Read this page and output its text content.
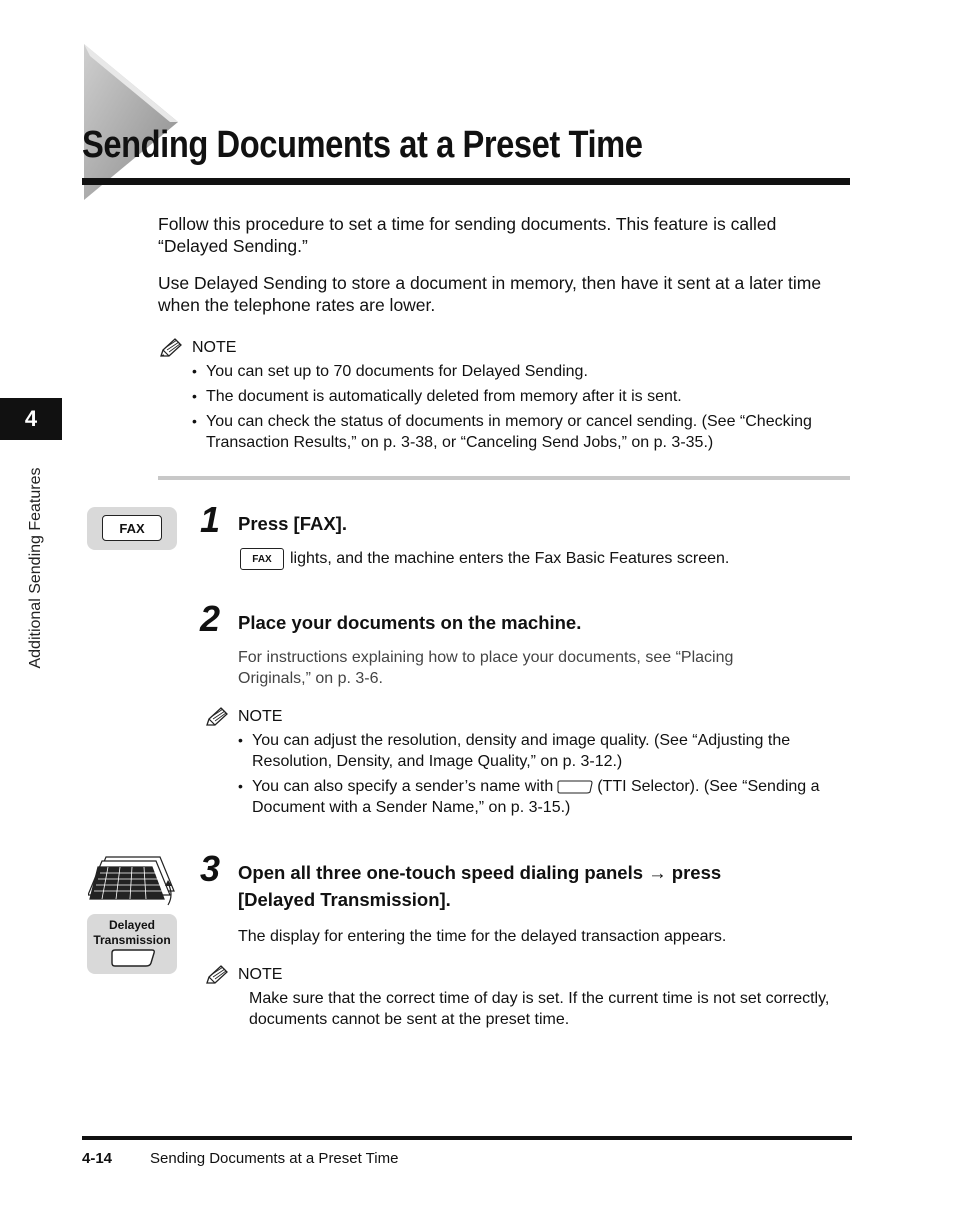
Sending Documents at a Preset Time
4
Additional Sending Features

Follow this procedure to set a time for sending documents. This feature is called “Delayed Sending.”

Use Delayed Sending to store a document in memory, then have it sent at a later time when the telephone rates are lower.

NOTE
• You can set up to 70 documents for Delayed Sending.
• The document is automatically deleted from memory after it is sent.
• You can check the status of documents in memory or cancel sending. (See “Checking Transaction Results,” on p. 3-38, or “Canceling Send Jobs,” on p. 3-35.)
FAX	1 Press [FAX].

FAX lights, and the machine enters the Fax Basic Features screen.

2 Place your documents on the machine.

For instructions explaining how to place your documents, see “Placing Originals,” on p. 3-6.

NOTE
• You can adjust the resolution, density and image quality. (See “Adjusting the Resolution, Density, and Image Quality,” on p. 3-12.)
• You can also specify a sender’s name with	(TTI Selector). (See “Sending a Document with a Sender Name,” on p. 3-15.)
Delayed
Transmission
3 Open all three one-touch speed dialing panels → press
[Delayed Transmission].

The display for entering the time for the delayed transaction appears.

NOTE

Make sure that the correct time of day is set. If the current time is not set correctly, documents cannot be sent at the preset time.

4-14	Sending Documents at a Preset Time
